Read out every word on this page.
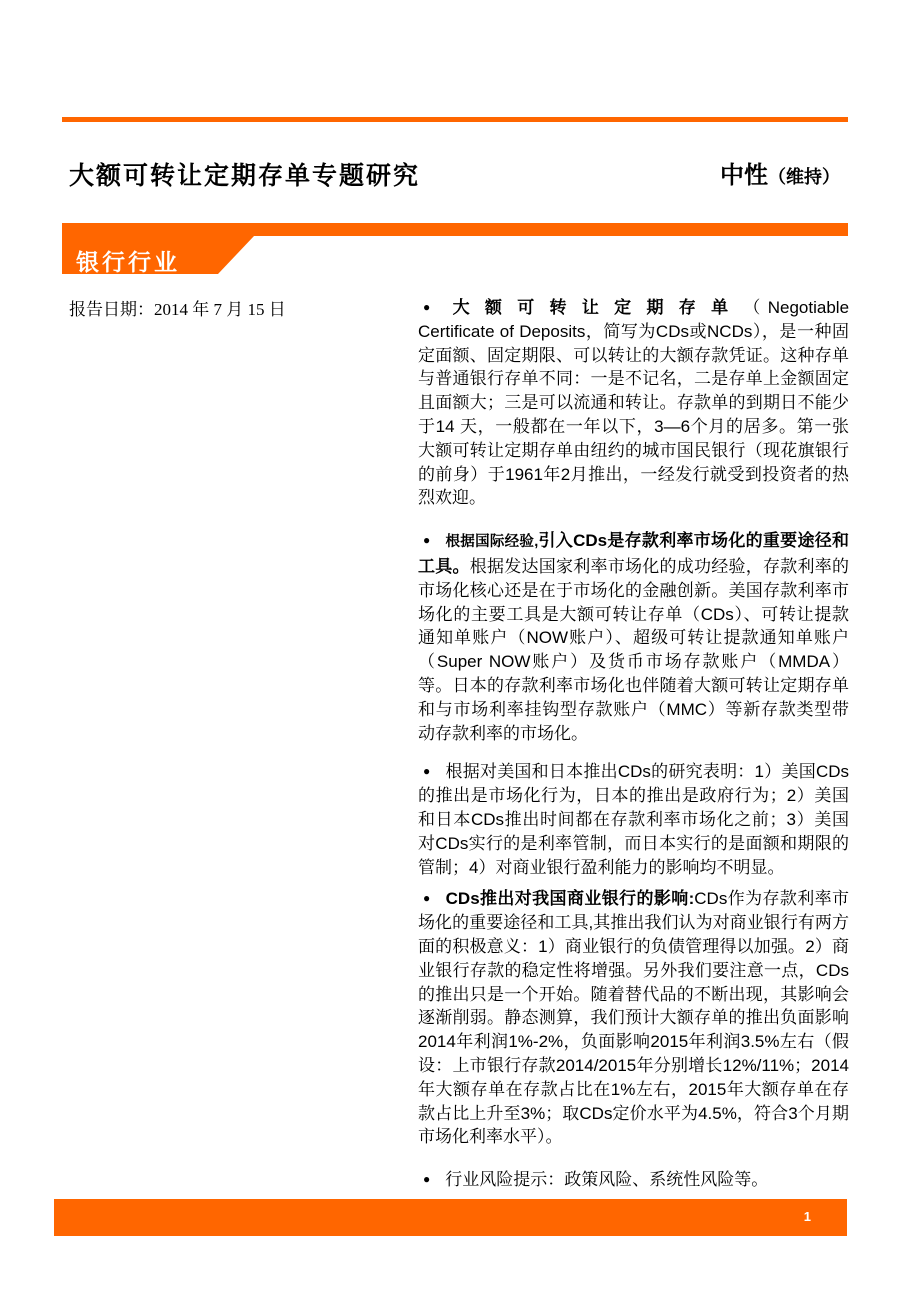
大额可转让定期存单专题研究	中性（维持）
银行行业
报告日期：2014 年 7 月 15 日	● 大额可转让定期存单（Negotiable Certificate of Deposits，简写为CDs或NCDs），是一种固定面额、固定期限、可以转让的大额存款凭证。这种存单与普通银行存单不同：一是不记名，二是存单上金额固定且面额大；三是可以流通和转让。存款单的到期日不能少于14 天，一般都在一年以下，3—6个月的居多。第一张大额可转让定期存单由纽约的城市国民银行（现花旗银行的前身）于1961年2月推出，一经发行就受到投资者的热烈欢迎。

● 根据国际经验,引入CDs是存款利率市场化的重要途径和工具。根据发达国家利率市场化的成功经验，存款利率的市场化核心还是在于市场化的金融创新。美国存款利率市场化的主要工具是大额可转让存单（CDs）、可转让提款通知单账户（NOW账户）、超级可转让提款通知单账户（Super NOW账户）及货币市场存款账户（MMDA）等。日本的存款利率市场化也伴随着大额可转让定期存单和与市场利率挂钩型存款账户（MMC）等新存款类型带动存款利率的市场化。

● 根据对美国和日本推出CDs的研究表明：1）美国CDs的推出是市场化行为，日本的推出是政府行为；2）美国和日本CDs推出时间都在存款利率市场化之前；3）美国对CDs实行的是利率管制，而日本实行的是面额和期限的管制；4）对商业银行盈利能力的影响均不明显。

● CDs推出对我国商业银行的影响:CDs作为存款利率市场化的重要途径和工具,其推出我们认为对商业银行有两方面的积极意义：1）商业银行的负债管理得以加强。2）商业银行存款的稳定性将增强。另外我们要注意一点，CDs的推出只是一个开始。随着替代品的不断出现，其影响会逐渐削弱。静态测算，我们预计大额存单的推出负面影响2014年利润1%-2%，负面影响2015年利润3.5%左右（假设：上市银行存款2014/2015年分别增长12%/11%；2014年大额存单在存款占比在1%左右，2015年大额存单在存款占比上升至3%；取CDs定价水平为4.5%，符合3个月期市场化利率水平）。

● 行业风险提示：政策风险、系统性风险等。

1
